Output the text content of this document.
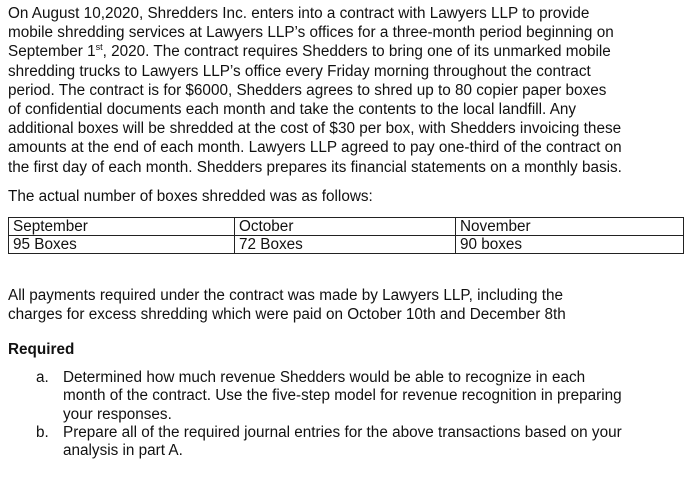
On August 10,2020, Shredders Inc. enters into a contract with Lawyers LLP to provide
mobile shredding services at Lawyers LLP’s offices for a three-month period beginning on
September 1st, 2020. The contract requires Shedders to bring one of its unmarked mobile
shredding trucks to Lawyers LLP’s office every Friday morning throughout the contract
period. The contract is for $6000, Shedders agrees to shred up to 80 copier paper boxes
of confidential documents each month and take the contents to the local landfill. Any
additional boxes will be shredded at the cost of $30 per box, with Shedders invoicing these
amounts at the end of each month. Lawyers LLP agreed to pay one-third of the contract on
the first day of each month. Shedders prepares its financial statements on a monthly basis.

The actual number of boxes shredded was as follows:

September	October	November
95 Boxes	72 Boxes	90 boxes

All payments required under the contract was made by Lawyers LLP, including the
charges for excess shredding which were paid on October 10th and December 8th

Required

a. Determined how much revenue Shedders would be able to recognize in each
month of the contract. Use the five-step model for revenue recognition in preparing
your responses.
b. Prepare all of the required journal entries for the above transactions based on your
analysis in part A.
